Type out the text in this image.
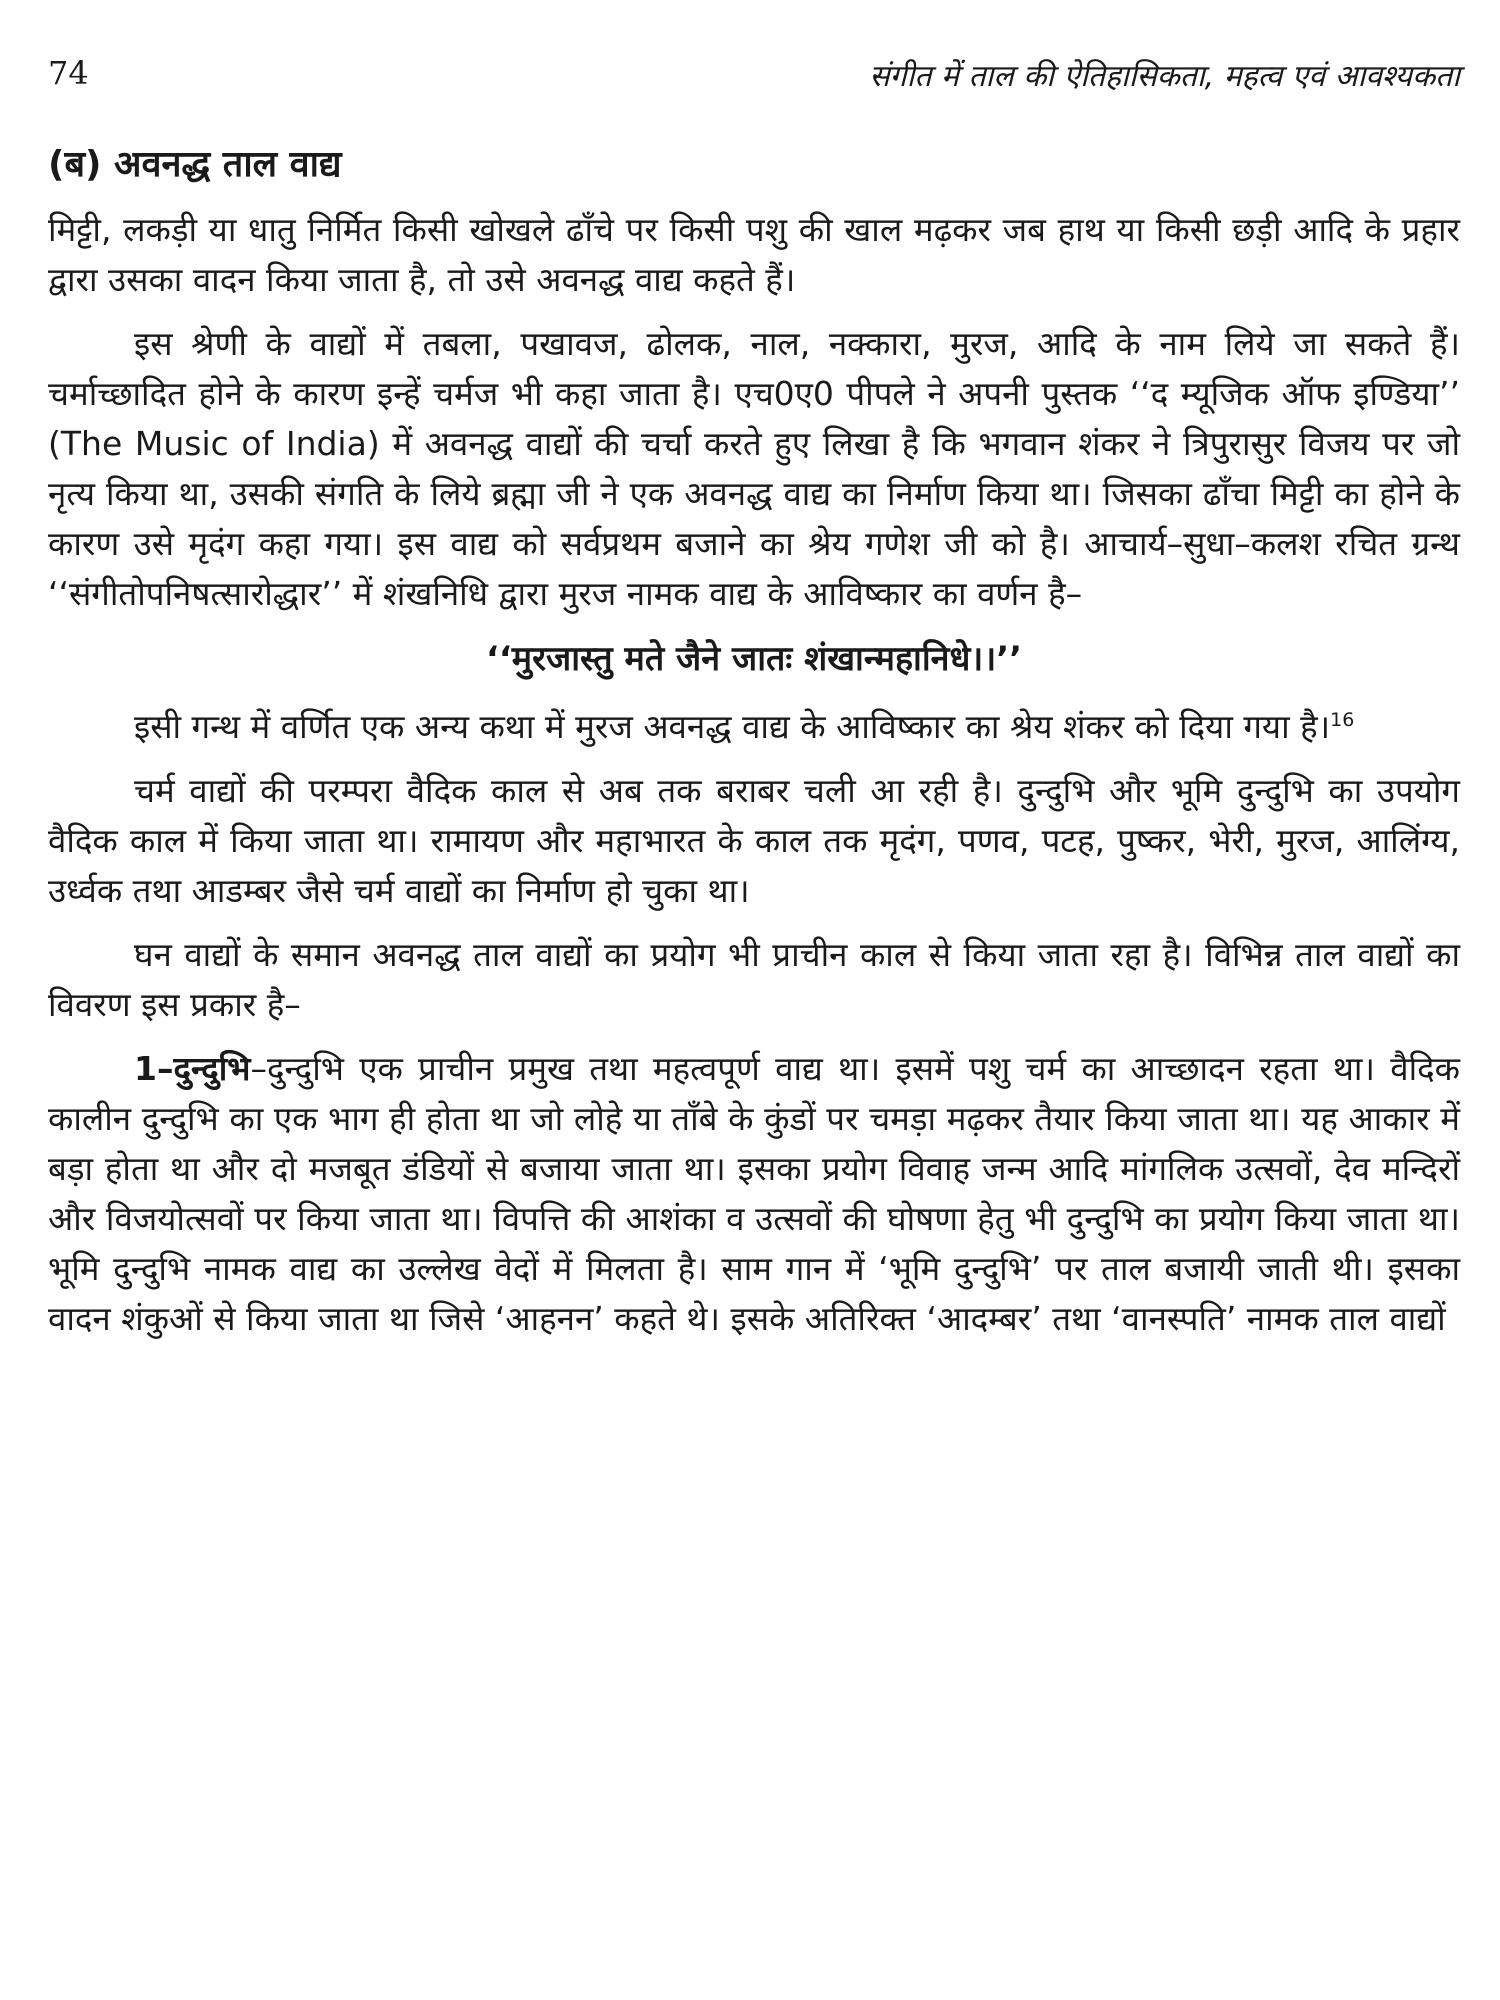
74	संगीत में ताल की ऐतिहासिकता, महत्व एवं आवश्यकता
(ब) अवनद्ध ताल वाद्य

मिट्टी, लकड़ी या धातु निर्मित किसी खोखले ढाँचे पर किसी पशु की खाल मढ़कर जब हाथ या किसी छड़ी आदि के प्रहार द्वारा उसका वादन किया जाता है, तो उसे अवनद्ध वाद्य कहते हैं।

इस श्रेणी के वाद्यों में तबला, पखावज, ढोलक, नाल, नक्कारा, मुरज, आदि के नाम लिये जा सकते हैं। चर्माच्छादित होने के कारण इन्हें चर्मज भी कहा जाता है। एच0ए0 पीपले ने अपनी पुस्तक ‘‘द म्यूजिक ऑफ इण्डिया’’ (The Music of India) में अवनद्ध वाद्यों की चर्चा करते हुए लिखा है कि भगवान शंकर ने त्रिपुरासुर विजय पर जो नृत्य किया था, उसकी संगति के लिये ब्रह्मा जी ने एक अवनद्ध वाद्य का निर्माण किया था। जिसका ढाँचा मिट्टी का होने के कारण उसे मृदंग कहा गया। इस वाद्य को सर्वप्रथम बजाने का श्रेय गणेश जी को है। आचार्य–सुधा–कलश रचित ग्रन्थ ‘‘संगीतोपनिषत्सारोद्धार’’ में शंखनिधि द्वारा मुरज नामक वाद्य के आविष्कार का वर्णन है–

‘‘मुरजास्तु मते जैने जातः शंखान्महानिधे।।’’

इसी गन्थ में वर्णित एक अन्य कथा में मुरज अवनद्ध वाद्य के आविष्कार का श्रेय शंकर को दिया गया है।$^{16}$

चर्म वाद्यों की परम्परा वैदिक काल से अब तक बराबर चली आ रही है। दुन्दुभि और भूमि दुन्दुभि का उपयोग वैदिक काल में किया जाता था। रामायण और महाभारत के काल तक मृदंग, पणव, पटह, पुष्कर, भेरी, मुरज, आलिंग्य, उर्ध्वक तथा आडम्बर जैसे चर्म वाद्यों का निर्माण हो चुका था।

घन वाद्यों के समान अवनद्ध ताल वाद्यों का प्रयोग भी प्राचीन काल से किया जाता रहा है। विभिन्न ताल वाद्यों का विवरण इस प्रकार है–

1–दुन्दुभि–दुन्दुभि एक प्राचीन प्रमुख तथा महत्वपूर्ण वाद्य था। इसमें पशु चर्म का आच्छादन रहता था। वैदिक कालीन दुन्दुभि का एक भाग ही होता था जो लोहे या ताँबे के कुंडों पर चमड़ा मढ़कर तैयार किया जाता था। यह आकार में बड़ा होता था और दो मजबूत डंडियों से बजाया जाता था। इसका प्रयोग विवाह जन्म आदि मांगलिक उत्सवों, देव मन्दिरों और विजयोत्सवों पर किया जाता था। विपत्ति की आशंका व उत्सवों की घोषणा हेतु भी दुन्दुभि का प्रयोग किया जाता था। भूमि दुन्दुभि नामक वाद्य का उल्लेख वेदों में मिलता है। साम गान में ‘भूमि दुन्दुभि’ पर ताल बजायी जाती थी। इसका वादन शंकुओं से किया जाता था जिसे ‘आहनन’ कहते थे। इसके अतिरिक्त ‘आदम्बर’ तथा ‘वानस्पति’ नामक ताल वाद्यों
